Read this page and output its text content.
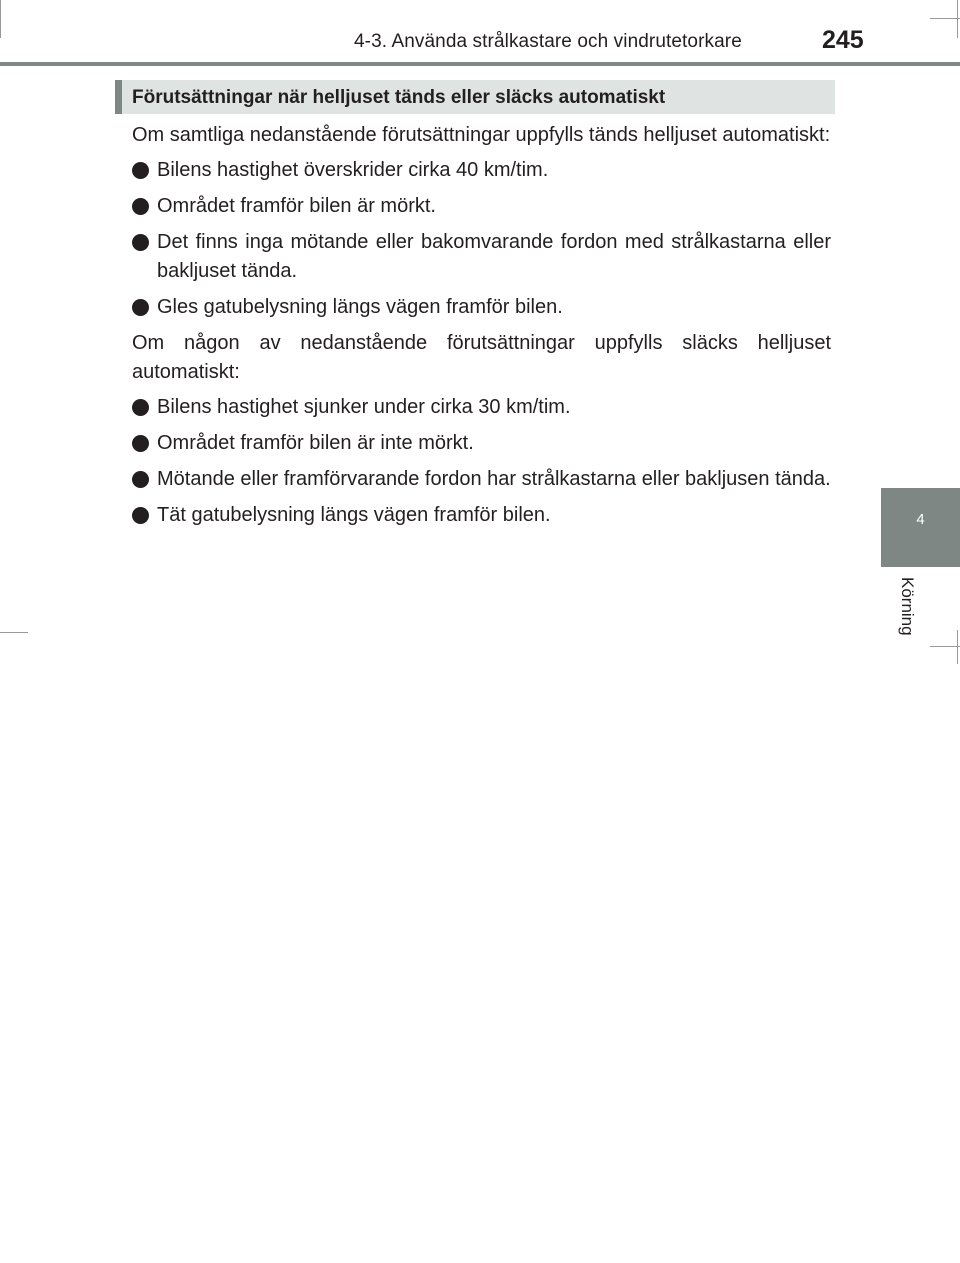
4-3. Använda strålkastare och vindrutetorkare	245
4
Körning
Förutsättningar när helljuset tänds eller släcks automatiskt

Om samtliga nedanstående förutsättningar uppfylls tänds helljuset automatiskt:

Bilens hastighet överskrider cirka 40 km/tim.
Området framför bilen är mörkt.
Det finns inga mötande eller bakomvarande fordon med strålkastarna eller bakljuset tända.
Gles gatubelysning längs vägen framför bilen.

Om någon av nedanstående förutsättningar uppfylls släcks helljuset automatiskt:

Bilens hastighet sjunker under cirka 30 km/tim.
Området framför bilen är inte mörkt.
Mötande eller framförvarande fordon har strålkastarna eller bakljusen tända.
Tät gatubelysning längs vägen framför bilen.
